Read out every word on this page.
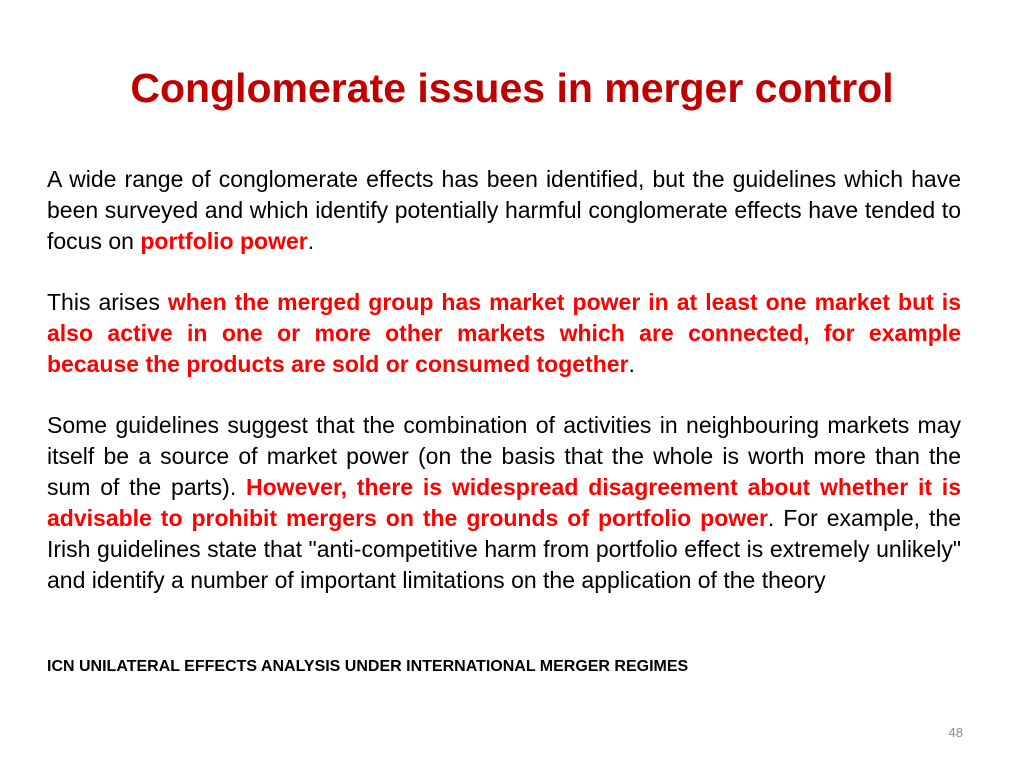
Conglomerate issues in merger control

A wide range of conglomerate effects has been identified, but the guidelines which have been surveyed and which identify potentially harmful conglomerate effects have tended to focus on portfolio power.

This arises when the merged group has market power in at least one market but is also active in one or more other markets which are connected, for example because the products are sold or consumed together.

Some guidelines suggest that the combination of activities in neighbouring markets may itself be a source of market power (on the basis that the whole is worth more than the sum of the parts). However, there is widespread disagreement about whether it is advisable to prohibit mergers on the grounds of portfolio power. For example, the Irish guidelines state that "anti-competitive harm from portfolio effect is extremely unlikely" and identify a number of important limitations on the application of the theory

ICN UNILATERAL EFFECTS ANALYSIS UNDER INTERNATIONAL MERGER REGIMES

48
